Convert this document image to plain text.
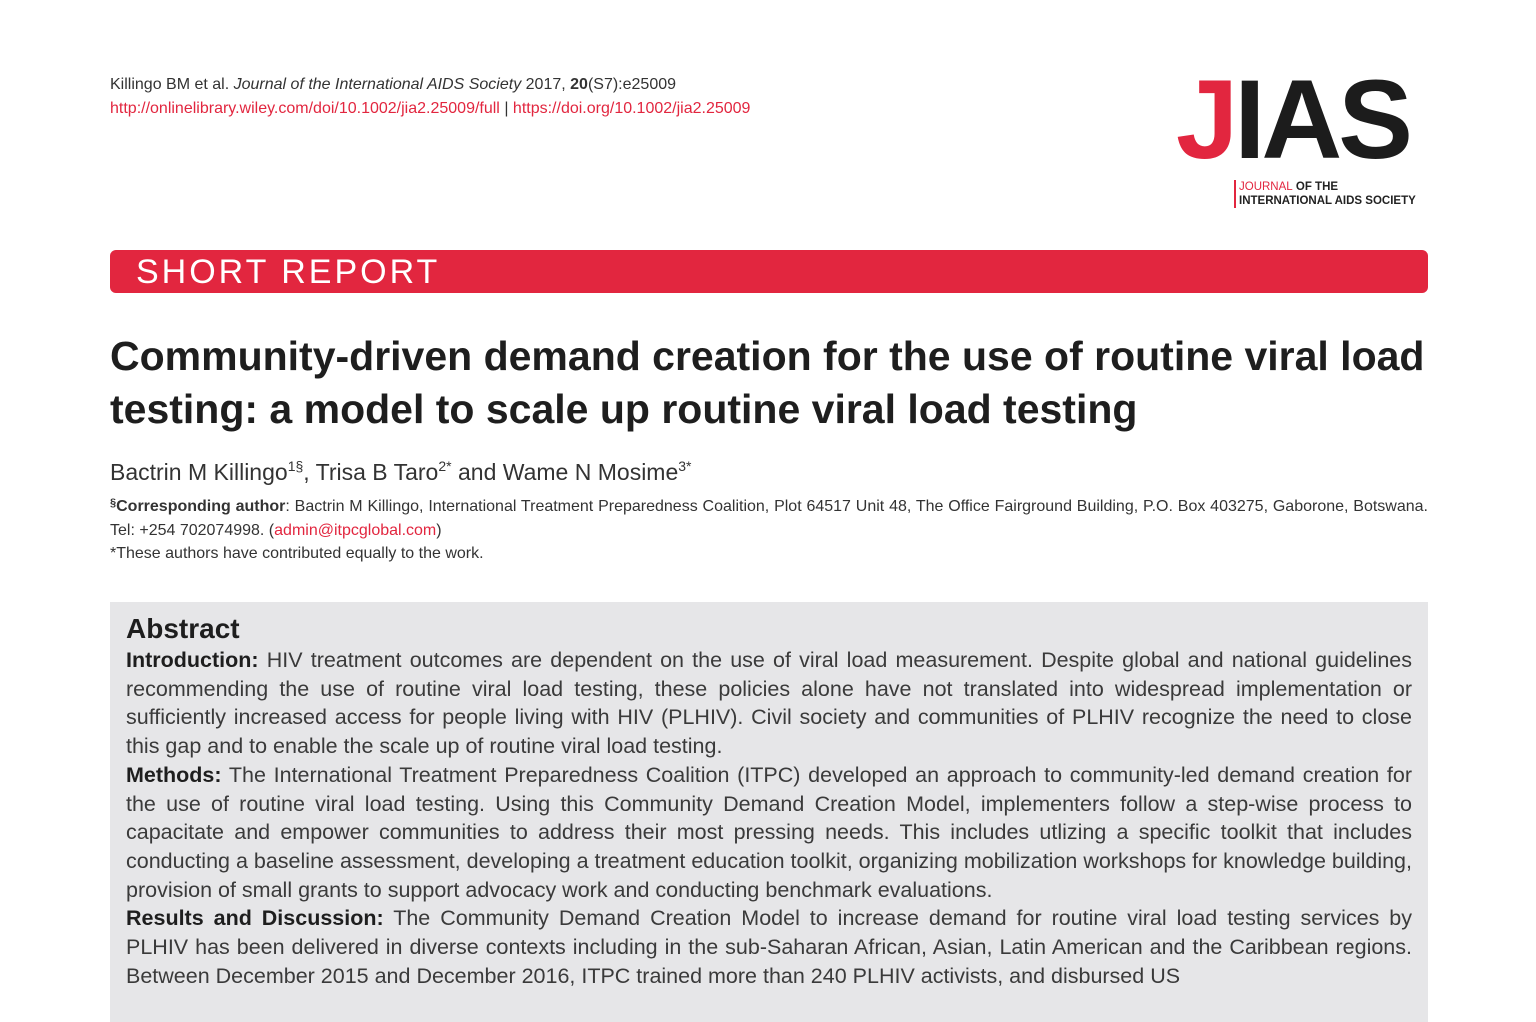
Killingo BM et al. Journal of the International AIDS Society 2017, 20(S7):e25009
http://onlinelibrary.wiley.com/doi/10.1002/jia2.25009/full | https://doi.org/10.1002/jia2.25009	JIAS
JOURNAL OF THE
INTERNATIONAL AIDS SOCIETY
SHORT REPORT
Community-driven demand creation for the use of routine viral load testing: a model to scale up routine viral load testing
Bactrin M Killingo$^{1\S}$, Trisa B Taro$^{2*}$ and Wame N Mosime$^{3*}$
§Corresponding author: Bactrin M Killingo, International Treatment Preparedness Coalition, Plot 64517 Unit 48, The Office Fairground Building, P.O. Box 403275, Gaborone, Botswana. Tel: +254 702074998. (admin@itpcglobal.com)
*These authors have contributed equally to the work.
Abstract

Introduction: HIV treatment outcomes are dependent on the use of viral load measurement. Despite global and national guidelines recommending the use of routine viral load testing, these policies alone have not translated into widespread implementation or sufficiently increased access for people living with HIV (PLHIV). Civil society and communities of PLHIV recognize the need to close this gap and to enable the scale up of routine viral load testing.

Methods: The International Treatment Preparedness Coalition (ITPC) developed an approach to community-led demand creation for the use of routine viral load testing. Using this Community Demand Creation Model, implementers follow a step-wise process to capacitate and empower communities to address their most pressing needs. This includes utlizing a specific toolkit that includes conducting a baseline assessment, developing a treatment education toolkit, organizing mobilization workshops for knowledge building, provision of small grants to support advocacy work and conducting benchmark evaluations.

Results and Discussion: The Community Demand Creation Model to increase demand for routine viral load testing services by PLHIV has been delivered in diverse contexts including in the sub-Saharan African, Asian, Latin American and the Caribbean regions. Between December 2015 and December 2016, ITPC trained more than 240 PLHIV activists, and disbursed US
